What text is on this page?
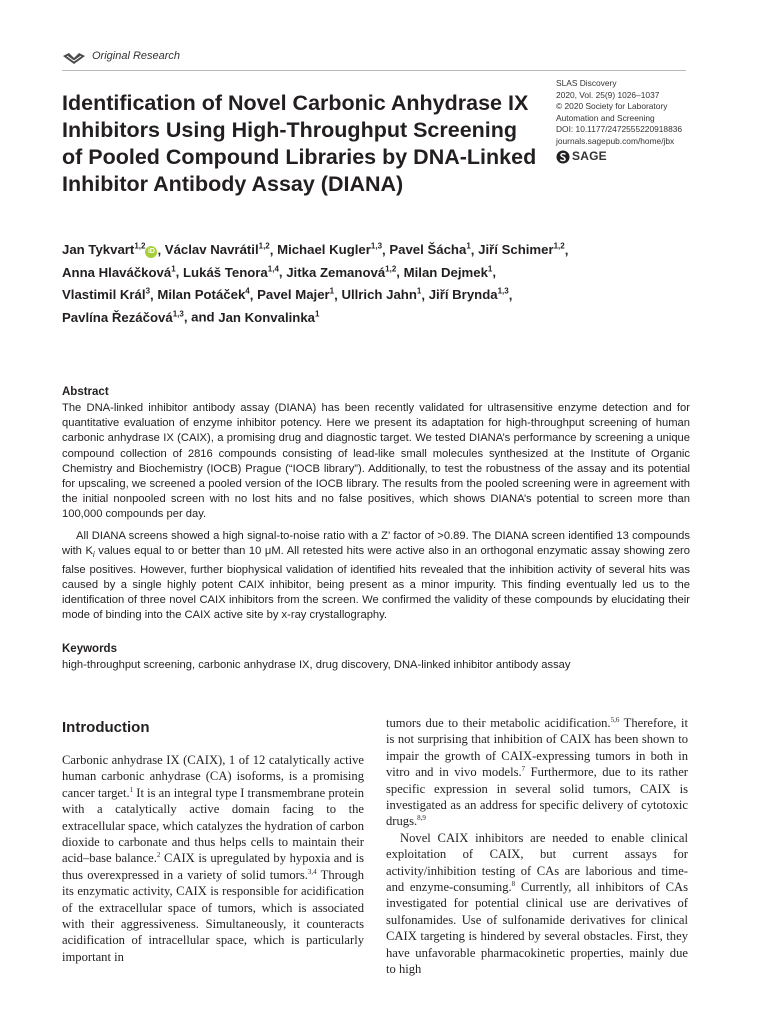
Original Research
SLAS Discovery
2020, Vol. 25(9) 1026–1037
© 2020 Society for Laboratory
Automation and Screening
DOI: 10.1177/2472555220918836
journals.sagepub.com/home/jbx
SAGE
Identification of Novel Carbonic Anhydrase IX Inhibitors Using High-Throughput Screening of Pooled Compound Libraries by DNA-Linked Inhibitor Antibody Assay (DIANA)
Jan Tykvart$^{1,2}$iD , Václav Navrátil$^{1,2}$, Michael Kugler$^{1,3}$, Pavel Šácha$^1$, Jiří Schimer$^{1,2}$,
Anna Hlaváčková$^1$, Lukáš Tenora$^{1,4}$, Jitka Zemanová$^{1,2}$, Milan Dejmek$^1$,
Vlastimil Král$^3$, Milan Potáček$^4$, Pavel Majer$^1$, Ullrich Jahn$^1$, Jiří Brynda$^{1,3}$,
Pavlína Řezáčová$^{1,3}$, and Jan Konvalinka$^1$
Abstract

The DNA-linked inhibitor antibody assay (DIANA) has been recently validated for ultrasensitive enzyme detection and for quantitative evaluation of enzyme inhibitor potency. Here we present its adaptation for high-throughput screening of human carbonic anhydrase IX (CAIX), a promising drug and diagnostic target. We tested DIANA’s performance by screening a unique compound collection of 2816 compounds consisting of lead-like small molecules synthesized at the Institute of Organic Chemistry and Biochemistry (IOCB) Prague (“IOCB library”). Additionally, to test the robustness of the assay and its potential for upscaling, we screened a pooled version of the IOCB library. The results from the pooled screening were in agreement with the initial nonpooled screen with no lost hits and no false positives, which shows DIANA’s potential to screen more than 100,000 compounds per day.

All DIANA screens showed a high signal-to-noise ratio with a Z’ factor of >0.89. The DIANA screen identified 13 compounds with $K_i$ values equal to or better than 10 μM. All retested hits were active also in an orthogonal enzymatic assay showing zero false positives. However, further biophysical validation of identified hits revealed that the inhibition activity of several hits was caused by a single highly potent CAIX inhibitor, being present as a minor impurity. This finding eventually led us to the identification of three novel CAIX inhibitors from the screen. We confirmed the validity of these compounds by elucidating their mode of binding into the CAIX active site by x-ray crystallography.

Keywords
high-throughput screening, carbonic anhydrase IX, drug discovery, DNA-linked inhibitor antibody assay
Introduction

Carbonic anhydrase IX (CAIX), 1 of 12 catalytically active human carbonic anhydrase (CA) isoforms, is a promising cancer target.$^1$ It is an integral type I transmembrane protein with a catalytically active domain facing to the extracellular space, which catalyzes the hydration of carbon dioxide to carbonate and thus helps cells to maintain their acid–base balance.$^2$ CAIX is upregulated by hypoxia and is thus overexpressed in a variety of solid tumors.$^{3,4}$ Through its enzymatic activity, CAIX is responsible for acidification of the extracellular space of tumors, which is associated with their aggressiveness. Simultaneously, it counteracts acidification of intracellular space, which is particularly important in

tumors due to their metabolic acidification.$^{5,6}$ Therefore, it is not surprising that inhibition of CAIX has been shown to impair the growth of CAIX-expressing tumors in both in vitro and in vivo models.$^7$ Furthermore, due to its rather specific expression in several solid tumors, CAIX is investigated as an address for specific delivery of cytotoxic drugs.$^{8,9}$

Novel CAIX inhibitors are needed to enable clinical exploitation of CAIX, but current assays for activity/inhibition testing of CAs are laborious and time- and enzyme-consuming.$^8$ Currently, all inhibitors of CAs investigated for potential clinical use are derivatives of sulfonamides. Use of sulfonamide derivatives for clinical CAIX targeting is hindered by several obstacles. First, they have unfavorable pharmacokinetic properties, mainly due to high
